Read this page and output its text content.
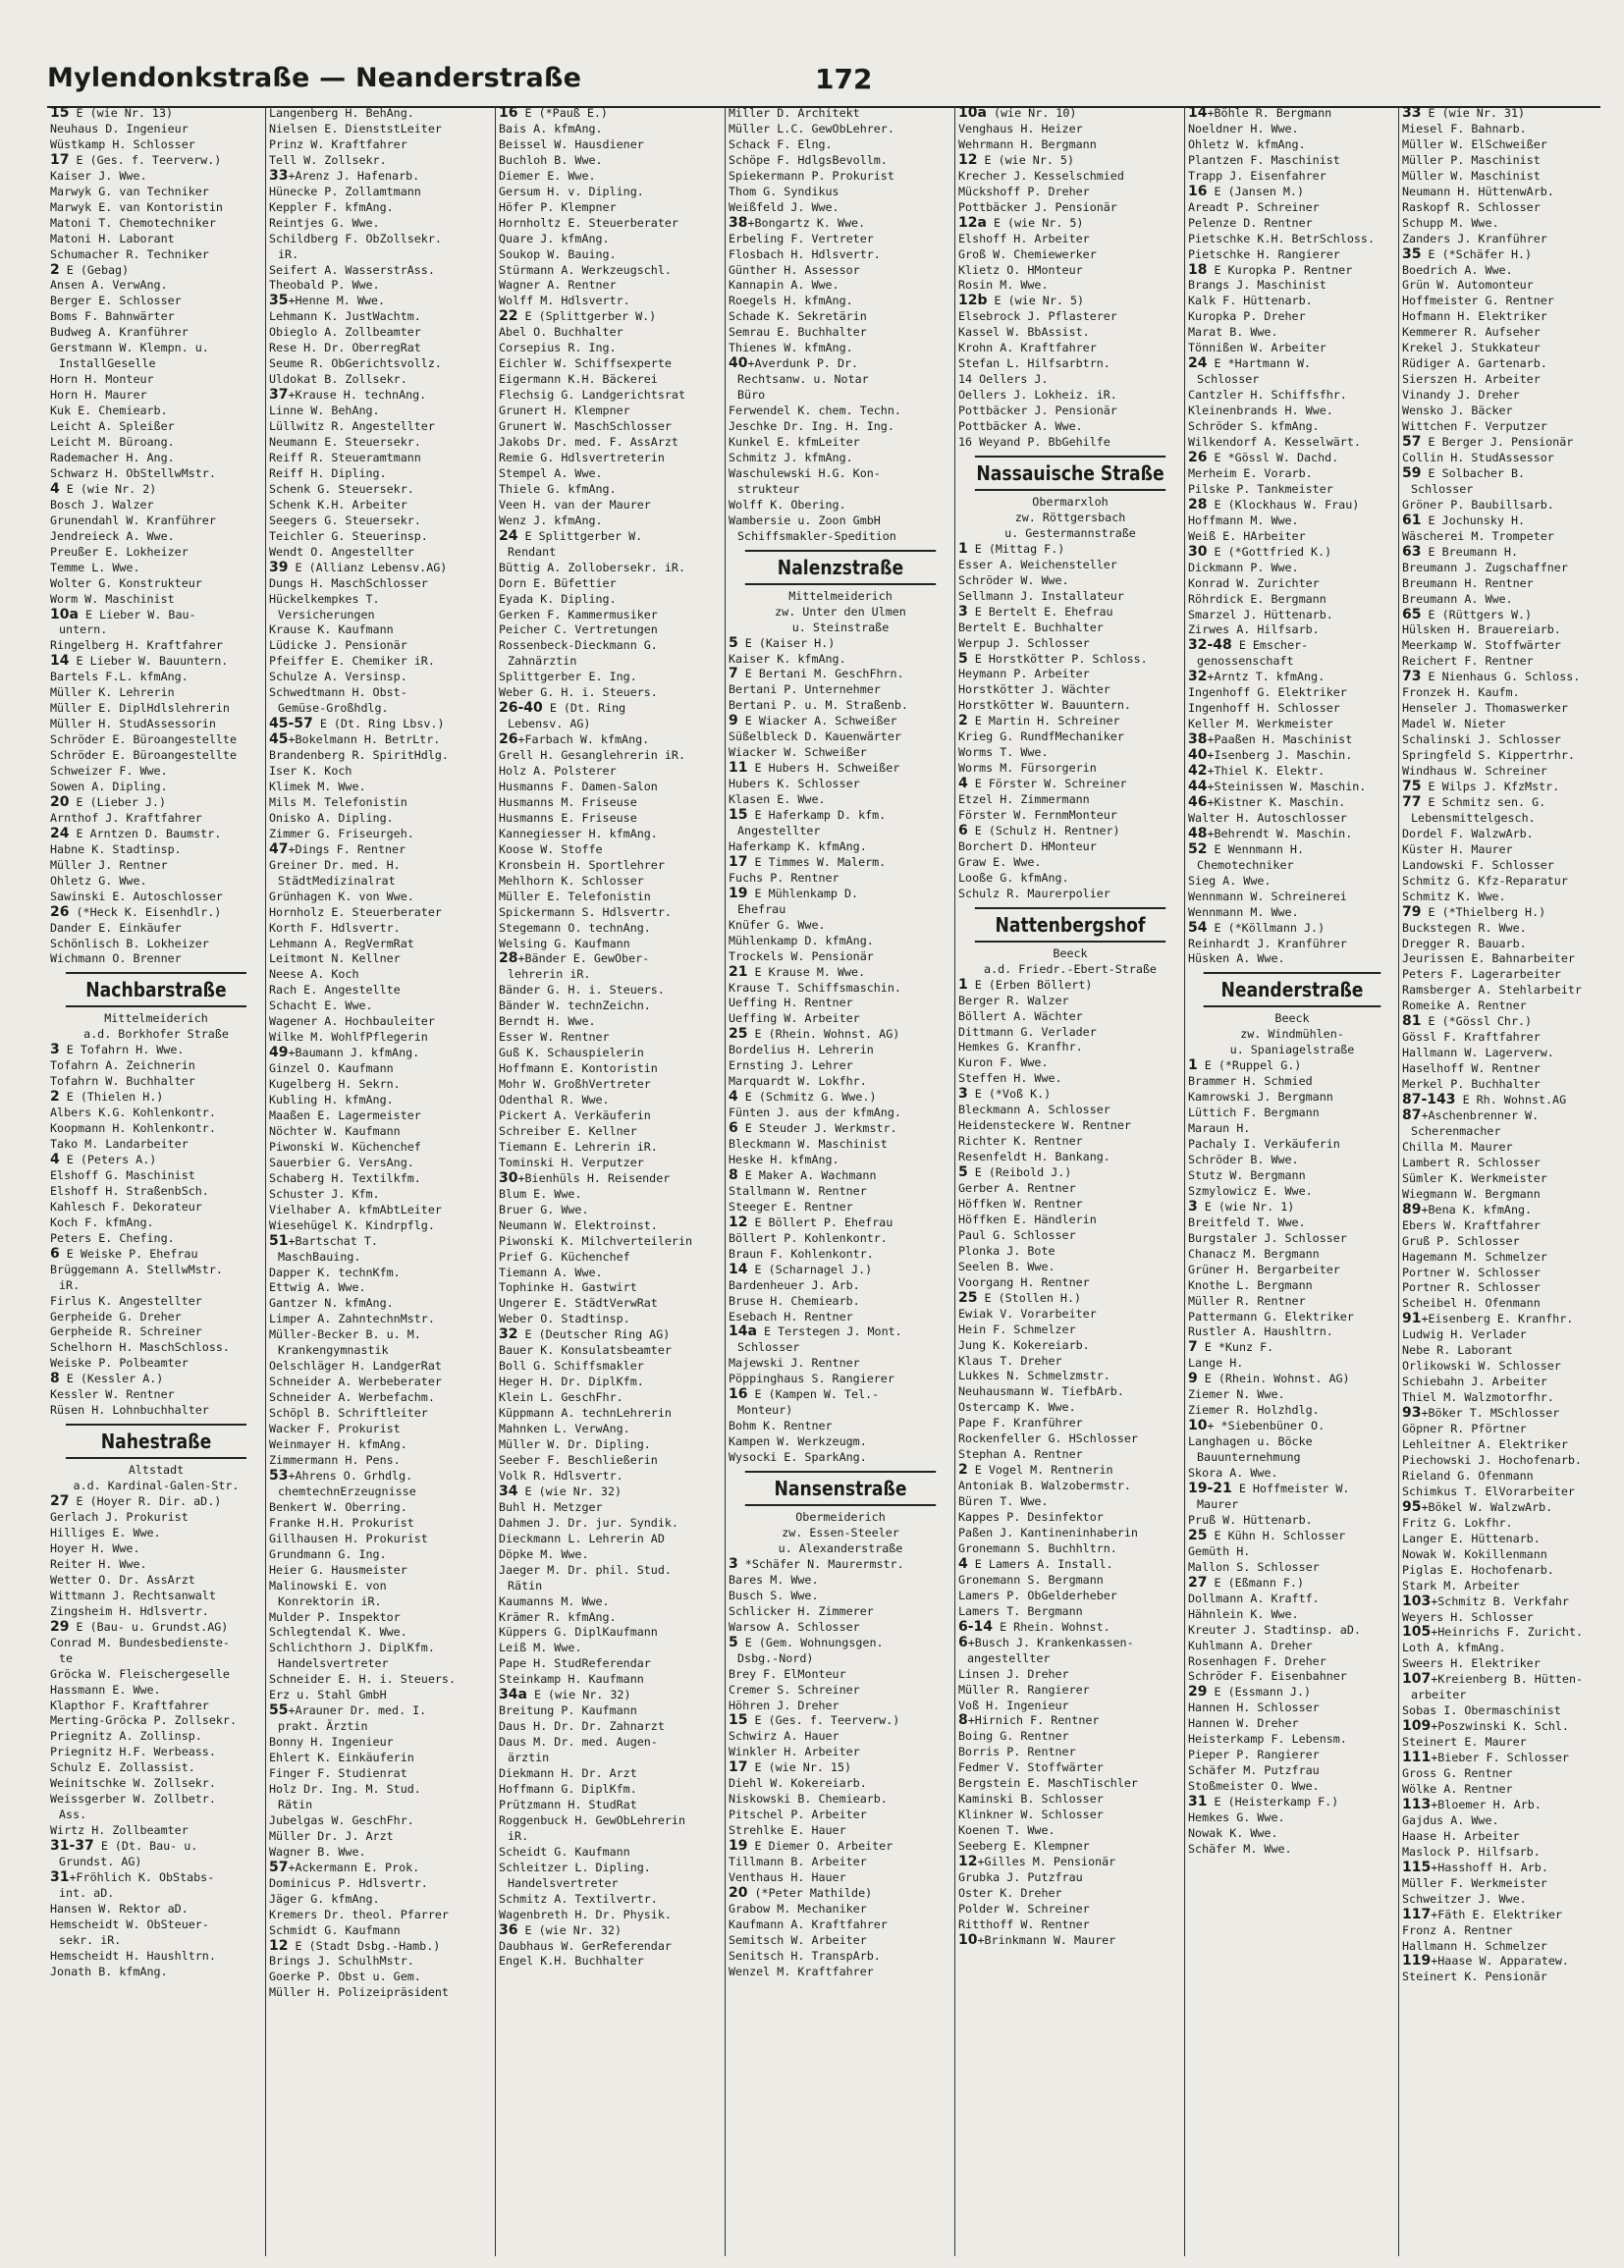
Mylendonkstraße — Neanderstraße	172
15 E (wie Nr. 13)
Neuhaus D. Ingenieur
Wüstkamp H. Schlosser
17 E (Ges. f. Teerverw.)
Kaiser J. Wwe.
Marwyk G. van Techniker
Marwyk E. van Kontoristin
Matoni T. Chemotechniker
Matoni H. Laborant
Schumacher R. Techniker
2 E (Gebag)
Ansen A. VerwAng.
Berger E. Schlosser
Boms F. Bahnwärter
Budweg A. Kranführer
Gerstmann W. Klempn. u.
InstallGeselle
Horn H. Monteur
Horn H. Maurer
Kuk E. Chemiearb.
Leicht A. Spleißer
Leicht M. Büroang.
Rademacher H. Ang.
Schwarz H. ObStellwMstr.
4 E (wie Nr. 2)
Bosch J. Walzer
Grunendahl W. Kranführer
Jendreieck A. Wwe.
Preußer E. Lokheizer
Temme L. Wwe.
Wolter G. Konstrukteur
Worm W. Maschinist
10a E Lieber W. Bau-
untern.
Ringelberg H. Kraftfahrer
14 E Lieber W. Bauuntern.
Bartels F.L. kfmAng.
Müller K. Lehrerin
Müller E. DiplHdlslehrerin
Müller H. StudAssessorin
Schröder E. Büroangestellte
Schröder E. Büroangestellte
Schweizer F. Wwe.
Sowen A. Dipling.
20 E (Lieber J.)
Arnthof J. Kraftfahrer
24 E Arntzen D. Baumstr.
Habne K. Stadtinsp.
Müller J. Rentner
Ohletz G. Wwe.
Sawinski E. Autoschlosser
26 (*Heck K. Eisenhdlr.)
Dander E. Einkäufer
Schönlisch B. Lokheizer
Wichmann O. Brenner
Nachbarstraße
Mittelmeiderich
a.d. Borkhofer Straße
3 E Tofahrn H. Wwe.
Tofahrn A. Zeichnerin
Tofahrn W. Buchhalter
2 E (Thielen H.)
Albers K.G. Kohlenkontr.
Koopmann H. Kohlenkontr.
Tako M. Landarbeiter
4 E (Peters A.)
Elshoff G. Maschinist
Elshoff H. StraßenbSch.
Kahlesch F. Dekorateur
Koch F. kfmAng.
Peters E. Chefing.
6 E Weiske P. Ehefrau
Brüggemann A. StellwMstr.
iR.
Firlus K. Angestellter
Gerpheide G. Dreher
Gerpheide R. Schreiner
Schelhorn H. MaschSchloss.
Weiske P. Polbeamter
8 E (Kessler A.)
Kessler W. Rentner
Rüsen H. Lohnbuchhalter
Nahestraße
Altstadt
a.d. Kardinal-Galen-Str.
27 E (Hoyer R. Dir. aD.)
Gerlach J. Prokurist
Hilliges E. Wwe.
Hoyer H. Wwe.
Reiter H. Wwe.
Wetter O. Dr. AssArzt
Wittmann J. Rechtsanwalt
Zingsheim H. Hdlsvertr.
29 E (Bau- u. Grundst.AG)
Conrad M. Bundesbedienste-
te
Gröcka W. Fleischergeselle
Hassmann E. Wwe.
Klapthor F. Kraftfahrer
Merting-Gröcka P. Zollsekr.
Priegnitz A. Zollinsp.
Priegnitz H.F. Werbeass.
Schulz E. Zollassist.
Weinitschke W. Zollsekr.
Weissgerber W. Zollbetr.
Ass.
Wirtz H. Zollbeamter
31-37 E (Dt. Bau- u.
Grundst. AG)
31+Fröhlich K. ObStabs-
int. aD.
Hansen W. Rektor aD.
Hemscheidt W. ObSteuer-
sekr. iR.
Hemscheidt H. Haushltrn.
Jonath B. kfmAng.
Langenberg H. BehAng.
Nielsen E. DienststLeiter
Prinz W. Kraftfahrer
Tell W. Zollsekr.
33+Arenz J. Hafenarb.
Hünecke P. Zollamtmann
Keppler F. kfmAng.
Reintjes G. Wwe.
Schildberg F. ObZollsekr.
iR.
Seifert A. WasserstrAss.
Theobald P. Wwe.
35+Henne M. Wwe.
Lehmann K. JustWachtm.
Obieglo A. Zollbeamter
Rese H. Dr. OberregRat
Seume R. ObGerichtsvollz.
Uldokat B. Zollsekr.
37+Krause H. technAng.
Linne W. BehAng.
Lüllwitz R. Angestellter
Neumann E. Steuersekr.
Reiff R. Steueramtmann
Reiff H. Dipling.
Schenk G. Steuersekr.
Schenk K.H. Arbeiter
Seegers G. Steuersekr.
Teichler G. Steuerinsp.
Wendt O. Angestellter
39 E (Allianz Lebensv.AG)
Dungs H. MaschSchlosser
Hückelkempkes T.
Versicherungen
Krause K. Kaufmann
Lüdicke J. Pensionär
Pfeiffer E. Chemiker iR.
Schulze A. Versinsp.
Schwedtmann H. Obst-
Gemüse-Großhdlg.
45-57 E (Dt. Ring Lbsv.)
45+Bokelmann H. BetrLtr.
Brandenberg R. SpiritHdlg.
Iser K. Koch
Klimek M. Wwe.
Mils M. Telefonistin
Onisko A. Dipling.
Zimmer G. Friseurgeh.
47+Dings F. Rentner
Greiner Dr. med. H.
StädtMedizinalrat
Grünhagen K. von Wwe.
Hornholz E. Steuerberater
Korth F. Hdlsvertr.
Lehmann A. RegVermRat
Leitmont N. Kellner
Neese A. Koch
Rach E. Angestellte
Schacht E. Wwe.
Wagener A. Hochbauleiter
Wilke M. WohlfPflegerin
49+Baumann J. kfmAng.
Ginzel O. Kaufmann
Kugelberg H. Sekrn.
Kubling H. kfmAng.
Maaßen E. Lagermeister
Nöchter W. Kaufmann
Piwonski W. Küchenchef
Sauerbier G. VersAng.
Schaberg H. Textilkfm.
Schuster J. Kfm.
Vielhaber A. kfmAbtLeiter
Wiesehügel K. Kindrpflg.
51+Bartschat T.
MaschBauing.
Dapper K. technKfm.
Ettwig A. Wwe.
Gantzer N. kfmAng.
Limper A. ZahntechnMstr.
Müller-Becker B. u. M.
Krankengymnastik
Oelschläger H. LandgerRat
Schneider A. Werbeberater
Schneider A. Werbefachm.
Schöpl B. Schriftleiter
Wacker F. Prokurist
Weinmayer H. kfmAng.
Zimmermann H. Pens.
53+Ahrens O. Grhdlg.
chemtechnErzeugnisse
Benkert W. Oberring.
Franke H.H. Prokurist
Gillhausen H. Prokurist
Grundmann G. Ing.
Heier G. Hausmeister
Malinowski E. von
Konrektorin iR.
Mulder P. Inspektor
Schlegtendal K. Wwe.
Schlichthorn J. DiplKfm.
Handelsvertreter
Schneider E. H. i. Steuers.
Erz u. Stahl GmbH
55+Arauner Dr. med. I.
prakt. Ärztin
Bonny H. Ingenieur
Ehlert K. Einkäuferin
Finger F. Studienrat
Holz Dr. Ing. M. Stud.
Rätin
Jubelgas W. GeschFhr.
Müller Dr. J. Arzt
Wagner B. Wwe.
57+Ackermann E. Prok.
Dominicus P. Hdlsvertr.
Jäger G. kfmAng.
Kremers Dr. theol. Pfarrer
Schmidt G. Kaufmann
12 E (Stadt Dsbg.-Hamb.)
Brings J. SchulhMstr.
Goerke P. Obst u. Gem.
Müller H. Polizeipräsident
16 E (*Pauß E.)
Bais A. kfmAng.
Beissel W. Hausdiener
Buchloh B. Wwe.
Diemer E. Wwe.
Gersum H. v. Dipling.
Höfer P. Klempner
Hornholtz E. Steuerberater
Quare J. kfmAng.
Soukop W. Bauing.
Stürmann A. Werkzeugschl.
Wagner A. Rentner
Wolff M. Hdlsvertr.
22 E (Splittgerber W.)
Abel O. Buchhalter
Corsepius R. Ing.
Eichler W. Schiffsexperte
Eigermann K.H. Bäckerei
Flechsig G. Landgerichtsrat
Grunert H. Klempner
Grunert W. MaschSchlosser
Jakobs Dr. med. F. AssArzt
Remie G. Hdlsvertreterin
Stempel A. Wwe.
Thiele G. kfmAng.
Veen H. van der Maurer
Wenz J. kfmAng.
24 E Splittgerber W.
Rendant
Büttig A. Zollobersekr. iR.
Dorn E. Büfettier
Eyada K. Dipling.
Gerken F. Kammermusiker
Peicher C. Vertretungen
Rossenbeck-Dieckmann G.
Zahnärztin
Splittgerber E. Ing.
Weber G. H. i. Steuers.
26-40 E (Dt. Ring
Lebensv. AG)
26+Farbach W. kfmAng.
Grell H. Gesanglehrerin iR.
Holz A. Polsterer
Husmanns F. Damen-Salon
Husmanns M. Friseuse
Husmanns E. Friseuse
Kannegiesser H. kfmAng.
Koose W. Stoffe
Kronsbein H. Sportlehrer
Mehlhorn K. Schlosser
Müller E. Telefonistin
Spickermann S. Hdlsvertr.
Stegemann O. technAng.
Welsing G. Kaufmann
28+Bänder E. GewOber-
lehrerin iR.
Bänder G. H. i. Steuers.
Bänder W. technZeichn.
Berndt H. Wwe.
Esser W. Rentner
Guß K. Schauspielerin
Hoffmann E. Kontoristin
Mohr W. GroßhVertreter
Odenthal R. Wwe.
Pickert A. Verkäuferin
Schreiber E. Kellner
Tiemann E. Lehrerin iR.
Tominski H. Verputzer
30+Bienhüls H. Reisender
Blum E. Wwe.
Bruer G. Wwe.
Neumann W. Elektroinst.
Piwonski K. Milchverteilerin
Prief G. Küchenchef
Tiemann A. Wwe.
Tophinke H. Gastwirt
Ungerer E. StädtVerwRat
Weber O. Stadtinsp.
32 E (Deutscher Ring AG)
Bauer K. Konsulatsbeamter
Boll G. Schiffsmakler
Heger H. Dr. DiplKfm.
Klein L. GeschFhr.
Küppmann A. technLehrerin
Mahnken L. VerwAng.
Müller W. Dr. Dipling.
Seeber F. Beschließerin
Volk R. Hdlsvertr.
34 E (wie Nr. 32)
Buhl H. Metzger
Dahmen J. Dr. jur. Syndik.
Dieckmann L. Lehrerin AD
Döpke M. Wwe.
Jaeger M. Dr. phil. Stud.
Rätin
Kaumanns M. Wwe.
Krämer R. kfmAng.
Küppers G. DiplKaufmann
Leiß M. Wwe.
Pape H. StudReferendar
Steinkamp H. Kaufmann
34a E (wie Nr. 32)
Breitung P. Kaufmann
Daus H. Dr. Dr. Zahnarzt
Daus M. Dr. med. Augen-
ärztin
Diekmann H. Dr. Arzt
Hoffmann G. DiplKfm.
Prützmann H. StudRat
Roggenbuck H. GewObLehrerin
iR.
Scheidt G. Kaufmann
Schleitzer L. Dipling.
Handelsvertreter
Schmitz A. Textilvertr.
Wagenbreth H. Dr. Physik.
36 E (wie Nr. 32)
Daubhaus W. GerReferendar
Engel K.H. Buchhalter
Miller D. Architekt
Müller L.C. GewObLehrer.
Schack F. Elng.
Schöpe F. HdlgsBevollm.
Spiekermann P. Prokurist
Thom G. Syndikus
Weißfeld J. Wwe.
38+Bongartz K. Wwe.
Erbeling F. Vertreter
Flosbach H. Hdlsvertr.
Günther H. Assessor
Kannapin A. Wwe.
Roegels H. kfmAng.
Schade K. Sekretärin
Semrau E. Buchhalter
Thienes W. kfmAng.
40+Averdunk P. Dr.
Rechtsanw. u. Notar
Büro
Ferwendel K. chem. Techn.
Jeschke Dr. Ing. H. Ing.
Kunkel E. kfmLeiter
Schmitz J. kfmAng.
Waschulewski H.G. Kon-
strukteur
Wolff K. Obering.
Wambersie u. Zoon GmbH
Schiffsmakler-Spedition
Nalenzstraße
Mittelmeiderich
zw. Unter den Ulmen
u. Steinstraße
5 E (Kaiser H.)
Kaiser K. kfmAng.
7 E Bertani M. GeschFhrn.
Bertani P. Unternehmer
Bertani P. u. M. Straßenb.
9 E Wiacker A. Schweißer
Süßelbleck D. Kauenwärter
Wiacker W. Schweißer
11 E Hubers H. Schweißer
Hubers K. Schlosser
Klasen E. Wwe.
15 E Haferkamp D. kfm.
Angestellter
Haferkamp K. kfmAng.
17 E Timmes W. Malerm.
Fuchs P. Rentner
19 E Mühlenkamp D.
Ehefrau
Knüfer G. Wwe.
Mühlenkamp D. kfmAng.
Trockels W. Pensionär
21 E Krause M. Wwe.
Krause T. Schiffsmaschin.
Ueffing H. Rentner
Ueffing W. Arbeiter
25 E (Rhein. Wohnst. AG)
Bordelius H. Lehrerin
Ernsting J. Lehrer
Marquardt W. Lokfhr.
4 E (Schmitz G. Wwe.)
Fünten J. aus der kfmAng.
6 E Steuder J. Werkmstr.
Bleckmann W. Maschinist
Heske H. kfmAng.
8 E Maker A. Wachmann
Stallmann W. Rentner
Steeger E. Rentner
12 E Böllert P. Ehefrau
Böllert P. Kohlenkontr.
Braun F. Kohlenkontr.
14 E (Scharnagel J.)
Bardenheuer J. Arb.
Bruse H. Chemiearb.
Esebach H. Rentner
14a E Terstegen J. Mont.
Schlosser
Majewski J. Rentner
Pöppinghaus S. Rangierer
16 E (Kampen W. Tel.-
Monteur)
Bohm K. Rentner
Kampen W. Werkzeugm.
Wysocki E. SparkAng.
Nansenstraße
Obermeiderich
zw. Essen-Steeler
u. Alexanderstraße
3 *Schäfer N. Maurermstr.
Bares M. Wwe.
Busch S. Wwe.
Schlicker H. Zimmerer
Warsow A. Schlosser
5 E (Gem. Wohnungsgen.
Dsbg.-Nord)
Brey F. ElMonteur
Cremer S. Schreiner
Höhren J. Dreher
15 E (Ges. f. Teerverw.)
Schwirz A. Hauer
Winkler H. Arbeiter
17 E (wie Nr. 15)
Diehl W. Kokereiarb.
Niskowski B. Chemiearb.
Pitschel P. Arbeiter
Strehlke E. Hauer
19 E Diemer O. Arbeiter
Tillmann B. Arbeiter
Venthaus H. Hauer
20 (*Peter Mathilde)
Grabow M. Mechaniker
Kaufmann A. Kraftfahrer
Semitsch W. Arbeiter
Senitsch H. TranspArb.
Wenzel M. Kraftfahrer
10a (wie Nr. 10)
Venghaus H. Heizer
Wehrmann H. Bergmann
12 E (wie Nr. 5)
Krecher J. Kesselschmied
Mückshoff P. Dreher
Pottbäcker J. Pensionär
12a E (wie Nr. 5)
Elshoff H. Arbeiter
Groß W. Chemiewerker
Klietz O. HMonteur
Rosin M. Wwe.
12b E (wie Nr. 5)
Elsebrock J. Pflasterer
Kassel W. BbAssist.
Krohn A. Kraftfahrer
Stefan L. Hilfsarbtrn.
14 Oellers J.
Oellers J. Lokheiz. iR.
Pottbäcker J. Pensionär
Pottbäcker A. Wwe.
16 Weyand P. BbGehilfe
Nassauische Straße
Obermarxloh
zw. Röttgersbach
u. Gestermannstraße
1 E (Mittag F.)
Esser A. Weichensteller
Schröder W. Wwe.
Sellmann J. Installateur
3 E Bertelt E. Ehefrau
Bertelt E. Buchhalter
Werpup J. Schlosser
5 E Horstkötter P. Schloss.
Heymann P. Arbeiter
Horstkötter J. Wächter
Horstkötter W. Bauuntern.
2 E Martin H. Schreiner
Krieg G. RundfMechaniker
Worms T. Wwe.
Worms M. Fürsorgerin
4 E Förster W. Schreiner
Etzel H. Zimmermann
Förster W. FernmMonteur
6 E (Schulz H. Rentner)
Borchert D. HMonteur
Graw E. Wwe.
Looße G. kfmAng.
Schulz R. Maurerpolier
Nattenbergshof
Beeck
a.d. Friedr.-Ebert-Straße
1 E (Erben Böllert)
Berger R. Walzer
Böllert A. Wächter
Dittmann G. Verlader
Hemkes G. Kranfhr.
Kuron F. Wwe.
Steffen H. Wwe.
3 E (*Voß K.)
Bleckmann A. Schlosser
Heidensteckere W. Rentner
Richter K. Rentner
Resenfeldt H. Bankang.
5 E (Reibold J.)
Gerber A. Rentner
Höffken W. Rentner
Höffken E. Händlerin
Paul G. Schlosser
Plonka J. Bote
Seelen B. Wwe.
Voorgang H. Rentner
25 E (Stollen H.)
Ewiak V. Vorarbeiter
Hein F. Schmelzer
Jung K. Kokereiarb.
Klaus T. Dreher
Lukkes N. Schmelzmstr.
Neuhausmann W. TiefbArb.
Ostercamp K. Wwe.
Pape F. Kranführer
Rockenfeller G. HSchlosser
Stephan A. Rentner
2 E Vogel M. Rentnerin
Antoniak B. Walzobermstr.
Büren T. Wwe.
Kappes P. Desinfektor
Paßen J. Kantineninhaberin
Gronemann S. Buchhltrn.
4 E Lamers A. Install.
Gronemann S. Bergmann
Lamers P. ObGelderheber
Lamers T. Bergmann
6-14 E Rhein. Wohnst.
6+Busch J. Krankenkassen-
angestellter
Linsen J. Dreher
Müller R. Rangierer
Voß H. Ingenieur
8+Hirnich F. Rentner
Boing G. Rentner
Borris P. Rentner
Fedmer V. Stoffwärter
Bergstein E. MaschTischler
Kaminski B. Schlosser
Klinkner W. Schlosser
Koenen T. Wwe.
Seeberg E. Klempner
12+Gilles M. Pensionär
Grubka J. Putzfrau
Oster K. Dreher
Polder W. Schreiner
Ritthoff W. Rentner
10+Brinkmann W. Maurer
14+Böhle R. Bergmann
Noeldner H. Wwe.
Ohletz W. kfmAng.
Plantzen F. Maschinist
Trapp J. Eisenfahrer
16 E (Jansen M.)
Areadt P. Schreiner
Pelenze D. Rentner
Pietschke K.H. BetrSchloss.
Pietschke H. Rangierer
18 E Kuropka P. Rentner
Brangs J. Maschinist
Kalk F. Hüttenarb.
Kuropka P. Dreher
Marat B. Wwe.
Tönnißen W. Arbeiter
24 E *Hartmann W.
Schlosser
Cantzler H. Schiffsfhr.
Kleinenbrands H. Wwe.
Schröder S. kfmAng.
Wilkendorf A. Kesselwärt.
26 E *Gössl W. Dachd.
Merheim E. Vorarb.
Pilske P. Tankmeister
28 E (Klockhaus W. Frau)
Hoffmann M. Wwe.
Weiß E. HArbeiter
30 E (*Gottfried K.)
Dickmann P. Wwe.
Konrad W. Zurichter
Röhrdick E. Bergmann
Smarzel J. Hüttenarb.
Zirwes A. Hilfsarb.
32-48 E Emscher-
genossenschaft
32+Arntz T. kfmAng.
Ingenhoff G. Elektriker
Ingenhoff H. Schlosser
Keller M. Werkmeister
38+Paaßen H. Maschinist
40+Isenberg J. Maschin.
42+Thiel K. Elektr.
44+Steinissen W. Maschin.
46+Kistner K. Maschin.
Walter H. Autoschlosser
48+Behrendt W. Maschin.
52 E Wennmann H.
Chemotechniker
Sieg A. Wwe.
Wennmann W. Schreinerei
Wennmann M. Wwe.
54 E (*Köllmann J.)
Reinhardt J. Kranführer
Hüsken A. Wwe.
Neanderstraße
Beeck
zw. Windmühlen-
u. Spaniagelstraße
1 E (*Ruppel G.)
Brammer H. Schmied
Kamrowski J. Bergmann
Lüttich F. Bergmann
Maraun H.
Pachaly I. Verkäuferin
Schröder B. Wwe.
Stutz W. Bergmann
Szmylowicz E. Wwe.
3 E (wie Nr. 1)
Breitfeld T. Wwe.
Burgstaler J. Schlosser
Chanacz M. Bergmann
Grüner H. Bergarbeiter
Knothe L. Bergmann
Müller R. Rentner
Pattermann G. Elektriker
Rustler A. Haushltrn.
7 E *Kunz F.
Lange H.
9 E (Rhein. Wohnst. AG)
Ziemer N. Wwe.
Ziemer R. Holzhdlg.
10+ *Siebenbüner O.
Langhagen u. Böcke
Bauunternehmung
Skora A. Wwe.
19-21 E Hoffmeister W.
Maurer
Pruß W. Hüttenarb.
25 E Kühn H. Schlosser
Gemüth H.
Mallon S. Schlosser
27 E (Eßmann F.)
Dollmann A. Kraftf.
Hähnlein K. Wwe.
Kreuter J. Stadtinsp. aD.
Kuhlmann A. Dreher
Rosenhagen F. Dreher
Schröder F. Eisenbahner
29 E (Essmann J.)
Hannen H. Schlosser
Hannen W. Dreher
Heisterkamp F. Lebensm.
Pieper P. Rangierer
Schäfer M. Putzfrau
Stoßmeister O. Wwe.
31 E (Heisterkamp F.)
Hemkes G. Wwe.
Nowak K. Wwe.
Schäfer M. Wwe.
33 E (wie Nr. 31)
Miesel F. Bahnarb.
Müller W. ElSchweißer
Müller P. Maschinist
Müller W. Maschinist
Neumann H. HüttenwArb.
Raskopf R. Schlosser
Schupp M. Wwe.
Zanders J. Kranführer
35 E (*Schäfer H.)
Boedrich A. Wwe.
Grün W. Automonteur
Hoffmeister G. Rentner
Hofmann H. Elektriker
Kemmerer R. Aufseher
Krekel J. Stukkateur
Rüdiger A. Gartenarb.
Sierszen H. Arbeiter
Vinandy J. Dreher
Wensko J. Bäcker
Wittchen F. Verputzer
57 E Berger J. Pensionär
Collin H. StudAssessor
59 E Solbacher B.
Schlosser
Gröner P. Baubillsarb.
61 E Jochunsky H.
Wäscherei M. Trompeter
63 E Breumann H.
Breumann J. Zugschaffner
Breumann H. Rentner
Breumann A. Wwe.
65 E (Rüttgers W.)
Hülsken H. Brauereiarb.
Meerkamp W. Stoffwärter
Reichert F. Rentner
73 E Nienhaus G. Schloss.
Fronzek H. Kaufm.
Henseler J. Thomaswerker
Madel W. Nieter
Schalinski J. Schlosser
Springfeld S. Kippertrhr.
Windhaus W. Schreiner
75 E Wilps J. KfzMstr.
77 E Schmitz sen. G.
Lebensmittelgesch.
Dordel F. WalzwArb.
Küster H. Maurer
Landowski F. Schlosser
Schmitz G. Kfz-Reparatur
Schmitz K. Wwe.
79 E (*Thielberg H.)
Buckstegen R. Wwe.
Dregger R. Bauarb.
Jeurissen E. Bahnarbeiter
Peters F. Lagerarbeiter
Ramsberger A. Stehlarbeitr
Romeike A. Rentner
81 E (*Gössl Chr.)
Gössl F. Kraftfahrer
Hallmann W. Lagerverw.
Haselhoff W. Rentner
Merkel P. Buchhalter
87-143 E Rh. Wohnst.AG
87+Aschenbrenner W.
Scherenmacher
Chilla M. Maurer
Lambert R. Schlosser
Sümler K. Werkmeister
Wiegmann W. Bergmann
89+Bena K. kfmAng.
Ebers W. Kraftfahrer
Gruß P. Schlosser
Hagemann M. Schmelzer
Portner W. Schlosser
Portner R. Schlosser
Scheibel H. Ofenmann
91+Eisenberg E. Kranfhr.
Ludwig H. Verlader
Nebe R. Laborant
Orlikowski W. Schlosser
Schiebahn J. Arbeiter
Thiel M. Walzmotorfhr.
93+Böker T. MSchlosser
Göpner R. Pförtner
Lehleitner A. Elektriker
Piechowski J. Hochofenarb.
Rieland G. Ofenmann
Schimkus T. ElVorarbeiter
95+Bökel W. WalzwArb.
Fritz G. Lokfhr.
Langer E. Hüttenarb.
Nowak W. Kokillenmann
Piglas E. Hochofenarb.
Stark M. Arbeiter
103+Schmitz B. Verkfahr
Weyers H. Schlosser
105+Heinrichs F. Zuricht.
Loth A. kfmAng.
Sweers H. Elektriker
107+Kreienberg B. Hütten-
arbeiter
Sobas I. Obermaschinist
109+Poszwinski K. Schl.
Steinert E. Maurer
111+Bieber F. Schlosser
Gross G. Rentner
Wölke A. Rentner
113+Bloemer H. Arb.
Gajdus A. Wwe.
Haase H. Arbeiter
Maslock P. Hilfsarb.
115+Hasshoff H. Arb.
Müller F. Werkmeister
Schweitzer J. Wwe.
117+Fäth E. Elektriker
Fronz A. Rentner
Hallmann H. Schmelzer
119+Haase W. Apparatew.
Steinert K. Pensionär
